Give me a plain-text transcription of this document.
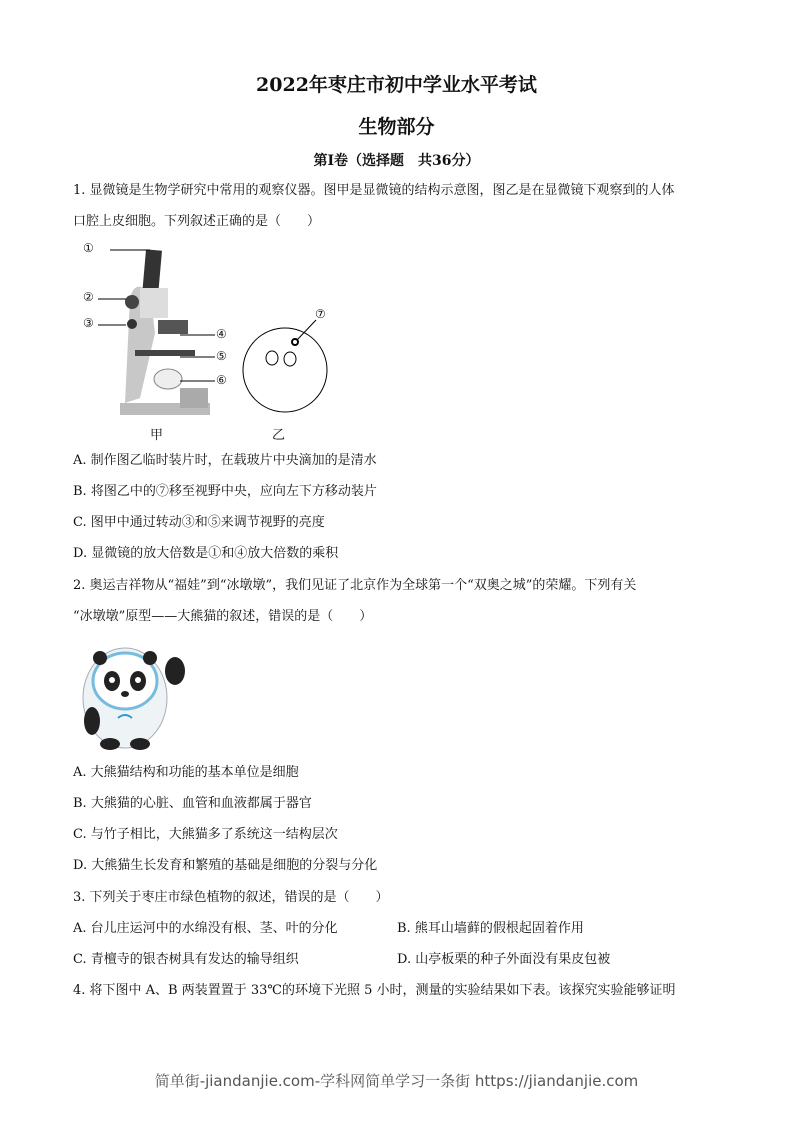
2022年枣庄市初中学业水平考试
生物部分
第Ⅰ卷（选择题　共36分）
1. 显微镜是生物学研究中常用的观察仪器。图甲是显微镜的结构示意图，图乙是在显微镜下观察到的人体
口腔上皮细胞。下列叙述正确的是（　　）
①
②
③
④
⑤
⑥
⑦
甲	乙
A. 制作图乙临时装片时，在载玻片中央滴加的是清水
B. 将图乙中的⑦移至视野中央，应向左下方移动装片
C. 图甲中通过转动③和⑤来调节视野的亮度
D. 显微镜的放大倍数是①和④放大倍数的乘积
2. 奥运吉祥物从“福娃”到“冰墩墩”，我们见证了北京作为全球第一个“双奥之城”的荣耀。下列有关
“冰墩墩”原型——大熊猫的叙述，错误的是（　　）
A. 大熊猫结构和功能的基本单位是细胞
B. 大熊猫的心脏、血管和血液都属于器官
C. 与竹子相比，大熊猫多了系统这一结构层次
D. 大熊猫生长发育和繁殖的基础是细胞的分裂与分化
3. 下列关于枣庄市绿色植物的叙述，错误的是（　　）
A. 台儿庄运河中的水绵没有根、茎、叶的分化	B. 熊耳山墙藓的假根起固着作用
C. 青檀寺的银杏树具有发达的输导组织	D. 山亭板栗的种子外面没有果皮包被
4. 将下图中 A、B 两装置置于 33℃的环境下光照 5 小时，测量的实验结果如下表。该探究实验能够证明
简单街-jiandanjie.com-学科网简单学习一条街 https://jiandanjie.com
